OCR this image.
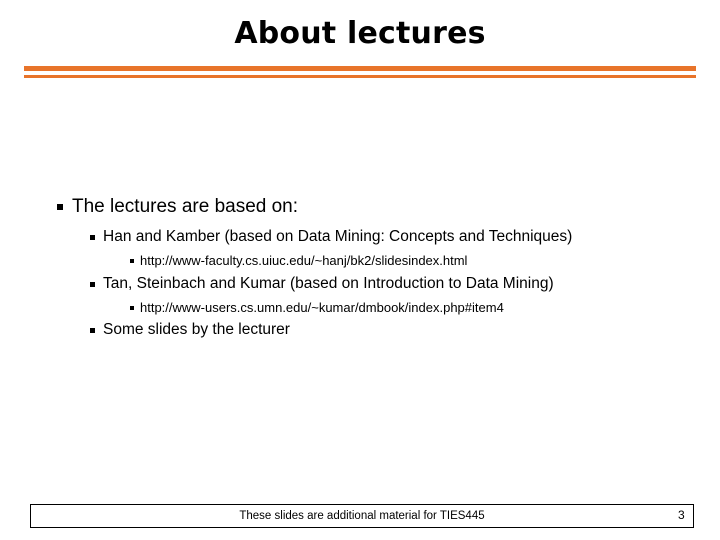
About lectures
The lectures are based on:
Han and Kamber (based on Data Mining: Concepts and Techniques)
http://www-faculty.cs.uiuc.edu/~hanj/bk2/slidesindex.html
Tan, Steinbach and Kumar (based on Introduction to Data Mining)
http://www-users.cs.umn.edu/~kumar/dmbook/index.php#item4
Some slides by the lecturer
These slides are additional material for TIES445	3
